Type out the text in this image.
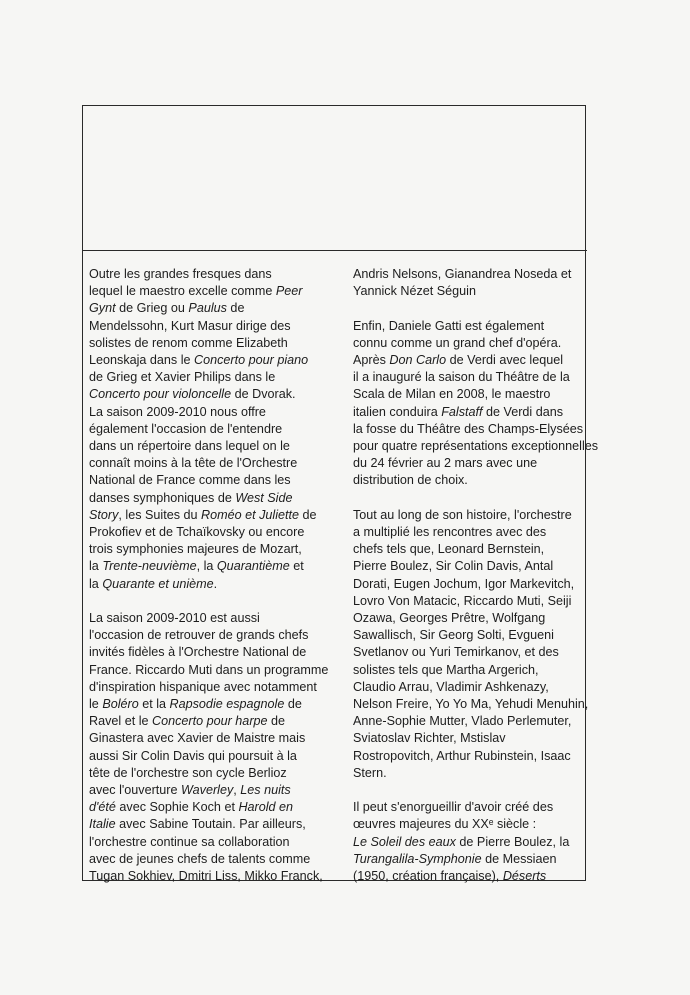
Outre les grandes fresques dans
lequel le maestro excelle comme Peer
Gynt de Grieg ou Paulus de
Mendelssohn, Kurt Masur dirige des
solistes de renom comme Elizabeth
Leonskaja dans le Concerto pour piano
de Grieg et Xavier Philips dans le
Concerto pour violoncelle de Dvorak.
La saison 2009-2010 nous offre
également l'occasion de l'entendre
dans un répertoire dans lequel on le
connaît moins à la tête de l'Orchestre
National de France comme dans les
danses symphoniques de West Side
Story, les Suites du Roméo et Juliette de
Prokofiev et de Tchaïkovsky ou encore
trois symphonies majeures de Mozart,
la Trente-neuvième, la Quarantième et
la Quarante et unième.
La saison 2009-2010 est aussi
l'occasion de retrouver de grands chefs
invités fidèles à l'Orchestre National de
France. Riccardo Muti dans un programme
d'inspiration hispanique avec notamment
le Boléro et la Rapsodie espagnole de
Ravel et le Concerto pour harpe de
Ginastera avec Xavier de Maistre mais
aussi Sir Colin Davis qui poursuit à la
tête de l'orchestre son cycle Berlioz
avec l'ouverture Waverley, Les nuits
d'été avec Sophie Koch et Harold en
Italie avec Sabine Toutain. Par ailleurs,
l'orchestre continue sa collaboration
avec de jeunes chefs de talents comme
Tugan Sokhiev, Dmitri Liss, Mikko Franck,
Andris Nelsons, Gianandrea Noseda et
Yannick Nézet Séguin
Enfin, Daniele Gatti est également
connu comme un grand chef d'opéra.
Après Don Carlo de Verdi avec lequel
il a inauguré la saison du Théâtre de la
Scala de Milan en 2008, le maestro
italien conduira Falstaff de Verdi dans
la fosse du Théâtre des Champs-Elysées
pour quatre représentations exceptionnelles
du 24 février au 2 mars avec une
distribution de choix.
Tout au long de son histoire, l'orchestre
a multiplié les rencontres avec des
chefs tels que, Leonard Bernstein,
Pierre Boulez, Sir Colin Davis, Antal
Dorati, Eugen Jochum, Igor Markevitch,
Lovro Von Matacic, Riccardo Muti, Seiji
Ozawa, Georges Prêtre, Wolfgang
Sawallisch, Sir Georg Solti, Evgueni
Svetlanov ou Yuri Temirkanov, et des
solistes tels que Martha Argerich,
Claudio Arrau, Vladimir Ashkenazy,
Nelson Freire, Yo Yo Ma, Yehudi Menuhin,
Anne-Sophie Mutter, Vlado Perlemuter,
Sviatoslav Richter, Mstislav
Rostropovitch, Arthur Rubinstein, Isaac
Stern.
Il peut s'enorgueillir d'avoir créé des
œuvres majeures du XXᵉ siècle :
Le Soleil des eaux de Pierre Boulez, la
Turangalila-Symphonie de Messiaen
(1950, création française), Déserts
